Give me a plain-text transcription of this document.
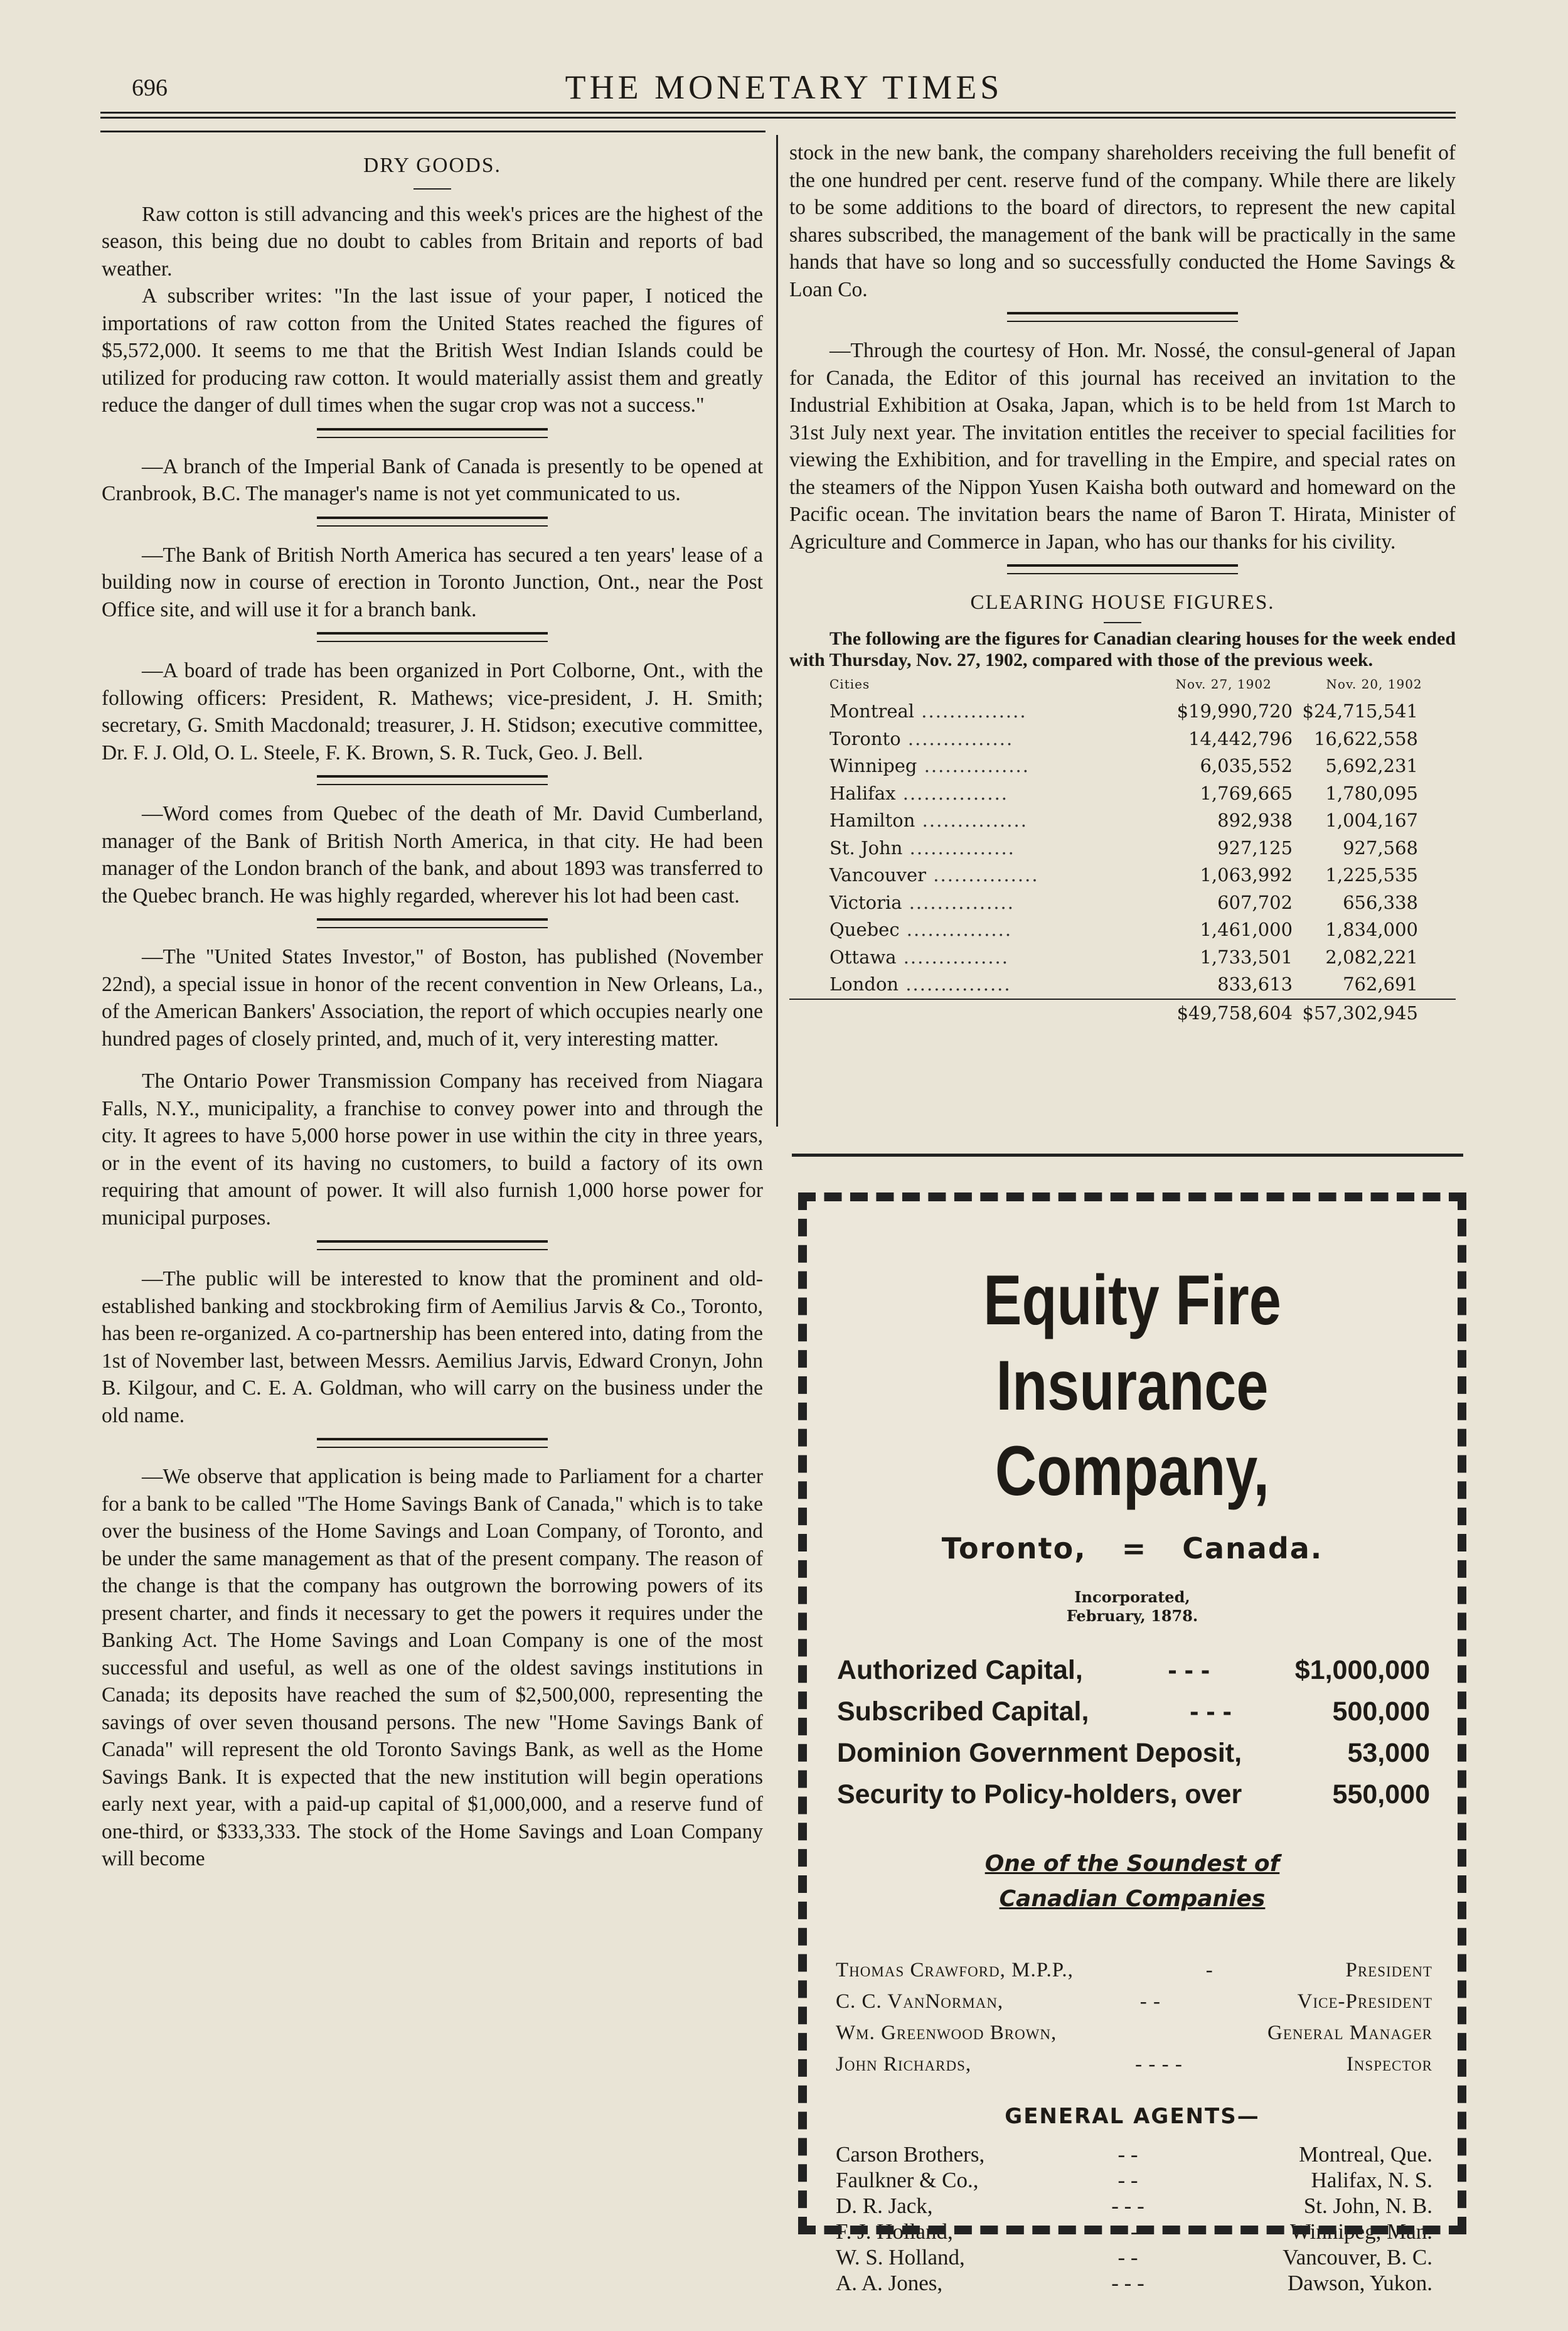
696	THE MONETARY TIMES

DRY GOODS.

Raw cotton is still advancing and this week's prices are the highest of the season, this being due no doubt to cables from Britain and reports of bad weather.

A subscriber writes: "In the last issue of your paper, I noticed the importations of raw cotton from the United States reached the figures of $5,572,000. It seems to me that the British West Indian Islands could be utilized for producing raw cotton. It would materially assist them and greatly reduce the danger of dull times when the sugar crop was not a success."

—A branch of the Imperial Bank of Canada is presently to be opened at Cranbrook, B.C. The manager's name is not yet communicated to us.

—The Bank of British North America has secured a ten years' lease of a building now in course of erection in Toronto Junction, Ont., near the Post Office site, and will use it for a branch bank.

—A board of trade has been organized in Port Colborne, Ont., with the following officers: President, R. Mathews; vice-president, J. H. Smith; secretary, G. Smith Macdonald; treasurer, J. H. Stidson; executive committee, Dr. F. J. Old, O. L. Steele, F. K. Brown, S. R. Tuck, Geo. J. Bell.

—Word comes from Quebec of the death of Mr. David Cumberland, manager of the Bank of British North America, in that city. He had been manager of the London branch of the bank, and about 1893 was transferred to the Quebec branch. He was highly regarded, wherever his lot had been cast.

—The "United States Investor," of Boston, has published (November 22nd), a special issue in honor of the recent convention in New Orleans, La., of the American Bankers' Association, the report of which occupies nearly one hundred pages of closely printed, and, much of it, very interesting matter.

The Ontario Power Transmission Company has received from Niagara Falls, N.Y., municipality, a franchise to convey power into and through the city. It agrees to have 5,000 horse power in use within the city in three years, or in the event of its having no customers, to build a factory of its own requiring that amount of power. It will also furnish 1,000 horse power for municipal purposes.

—The public will be interested to know that the prominent and old-established banking and stockbroking firm of Aemilius Jarvis & Co., Toronto, has been re-organized. A co-partnership has been entered into, dating from the 1st of November last, between Messrs. Aemilius Jarvis, Edward Cronyn, John B. Kilgour, and C. E. A. Goldman, who will carry on the business under the old name.

—We observe that application is being made to Parliament for a charter for a bank to be called "The Home Savings Bank of Canada," which is to take over the business of the Home Savings and Loan Company, of Toronto, and be under the same management as that of the present company. The reason of the change is that the company has outgrown the borrowing powers of its present charter, and finds it necessary to get the powers it requires under the Banking Act. The Home Savings and Loan Company is one of the most successful and useful, as well as one of the oldest savings institutions in Canada; its deposits have reached the sum of $2,500,000, representing the savings of over seven thousand persons. The new "Home Savings Bank of Canada" will represent the old Toronto Savings Bank, as well as the Home Savings Bank. It is expected that the new institution will begin operations early next year, with a paid-up capital of $1,000,000, and a reserve fund of one-third, or $333,333. The stock of the Home Savings and Loan Company will become

stock in the new bank, the company shareholders receiving the full benefit of the one hundred per cent. reserve fund of the company. While there are likely to be some additions to the board of directors, to represent the new capital shares subscribed, the management of the bank will be practically in the same hands that have so long and so successfully conducted the Home Savings & Loan Co.

—Through the courtesy of Hon. Mr. Nossé, the consul-general of Japan for Canada, the Editor of this journal has received an invitation to the Industrial Exhibition at Osaka, Japan, which is to be held from 1st March to 31st July next year. The invitation entitles the receiver to special facilities for viewing the Exhibition, and for travelling in the Empire, and special rates on the steamers of the Nippon Yusen Kaisha both outward and homeward on the Pacific ocean. The invitation bears the name of Baron T. Hirata, Minister of Agriculture and Commerce in Japan, who has our thanks for his civility.

CLEARING HOUSE FIGURES.

The following are the figures for Canadian clearing houses for the week ended with Thursday, Nov. 27, 1902, compared with those of the previous week.

Cities	Nov. 27, 1902	Nov. 20, 1902
Montreal ...............	$19,990,720	$24,715,541
Toronto ...............	14,442,796	16,622,558
Winnipeg ...............	6,035,552	5,692,231
Halifax ...............	1,769,665	1,780,095
Hamilton ...............	892,938	1,004,167
St. John ...............	927,125	927,568
Vancouver ...............	1,063,992	1,225,535
Victoria ...............	607,702	656,338
Quebec ...............	1,461,000	1,834,000
Ottawa ...............	1,733,501	2,082,221
London ...............	833,613	762,691
	$49,758,604	$57,302,945
Equity Fire Insurance
Company,
Toronto, = Canada.
Incorporated,
February, 1878.
Authorized Capital,	- - -	$1,000,000
Subscribed Capital,	- - -	500,000
Dominion Government Deposit,	53,000
Security to Policy-holders, over	550,000
One of the Soundest of
Canadian Companies
Thomas Crawford, M.P.P.,	-	President
C. C. VanNorman,	- -	Vice-President
Wm. Greenwood Brown,	General Manager
John Richards,	- - - -	Inspector
GENERAL AGENTS—
Carson Brothers,	- -	Montreal, Que.
Faulkner & Co.,	- -	Halifax, N. S.
D. R. Jack,	- - -	St. John, N. B.
F. J. Holland,	- -	Winnipeg, Man.
W. S. Holland,	- -	Vancouver, B. C.
A. A. Jones,	- - -	Dawson, Yukon.
